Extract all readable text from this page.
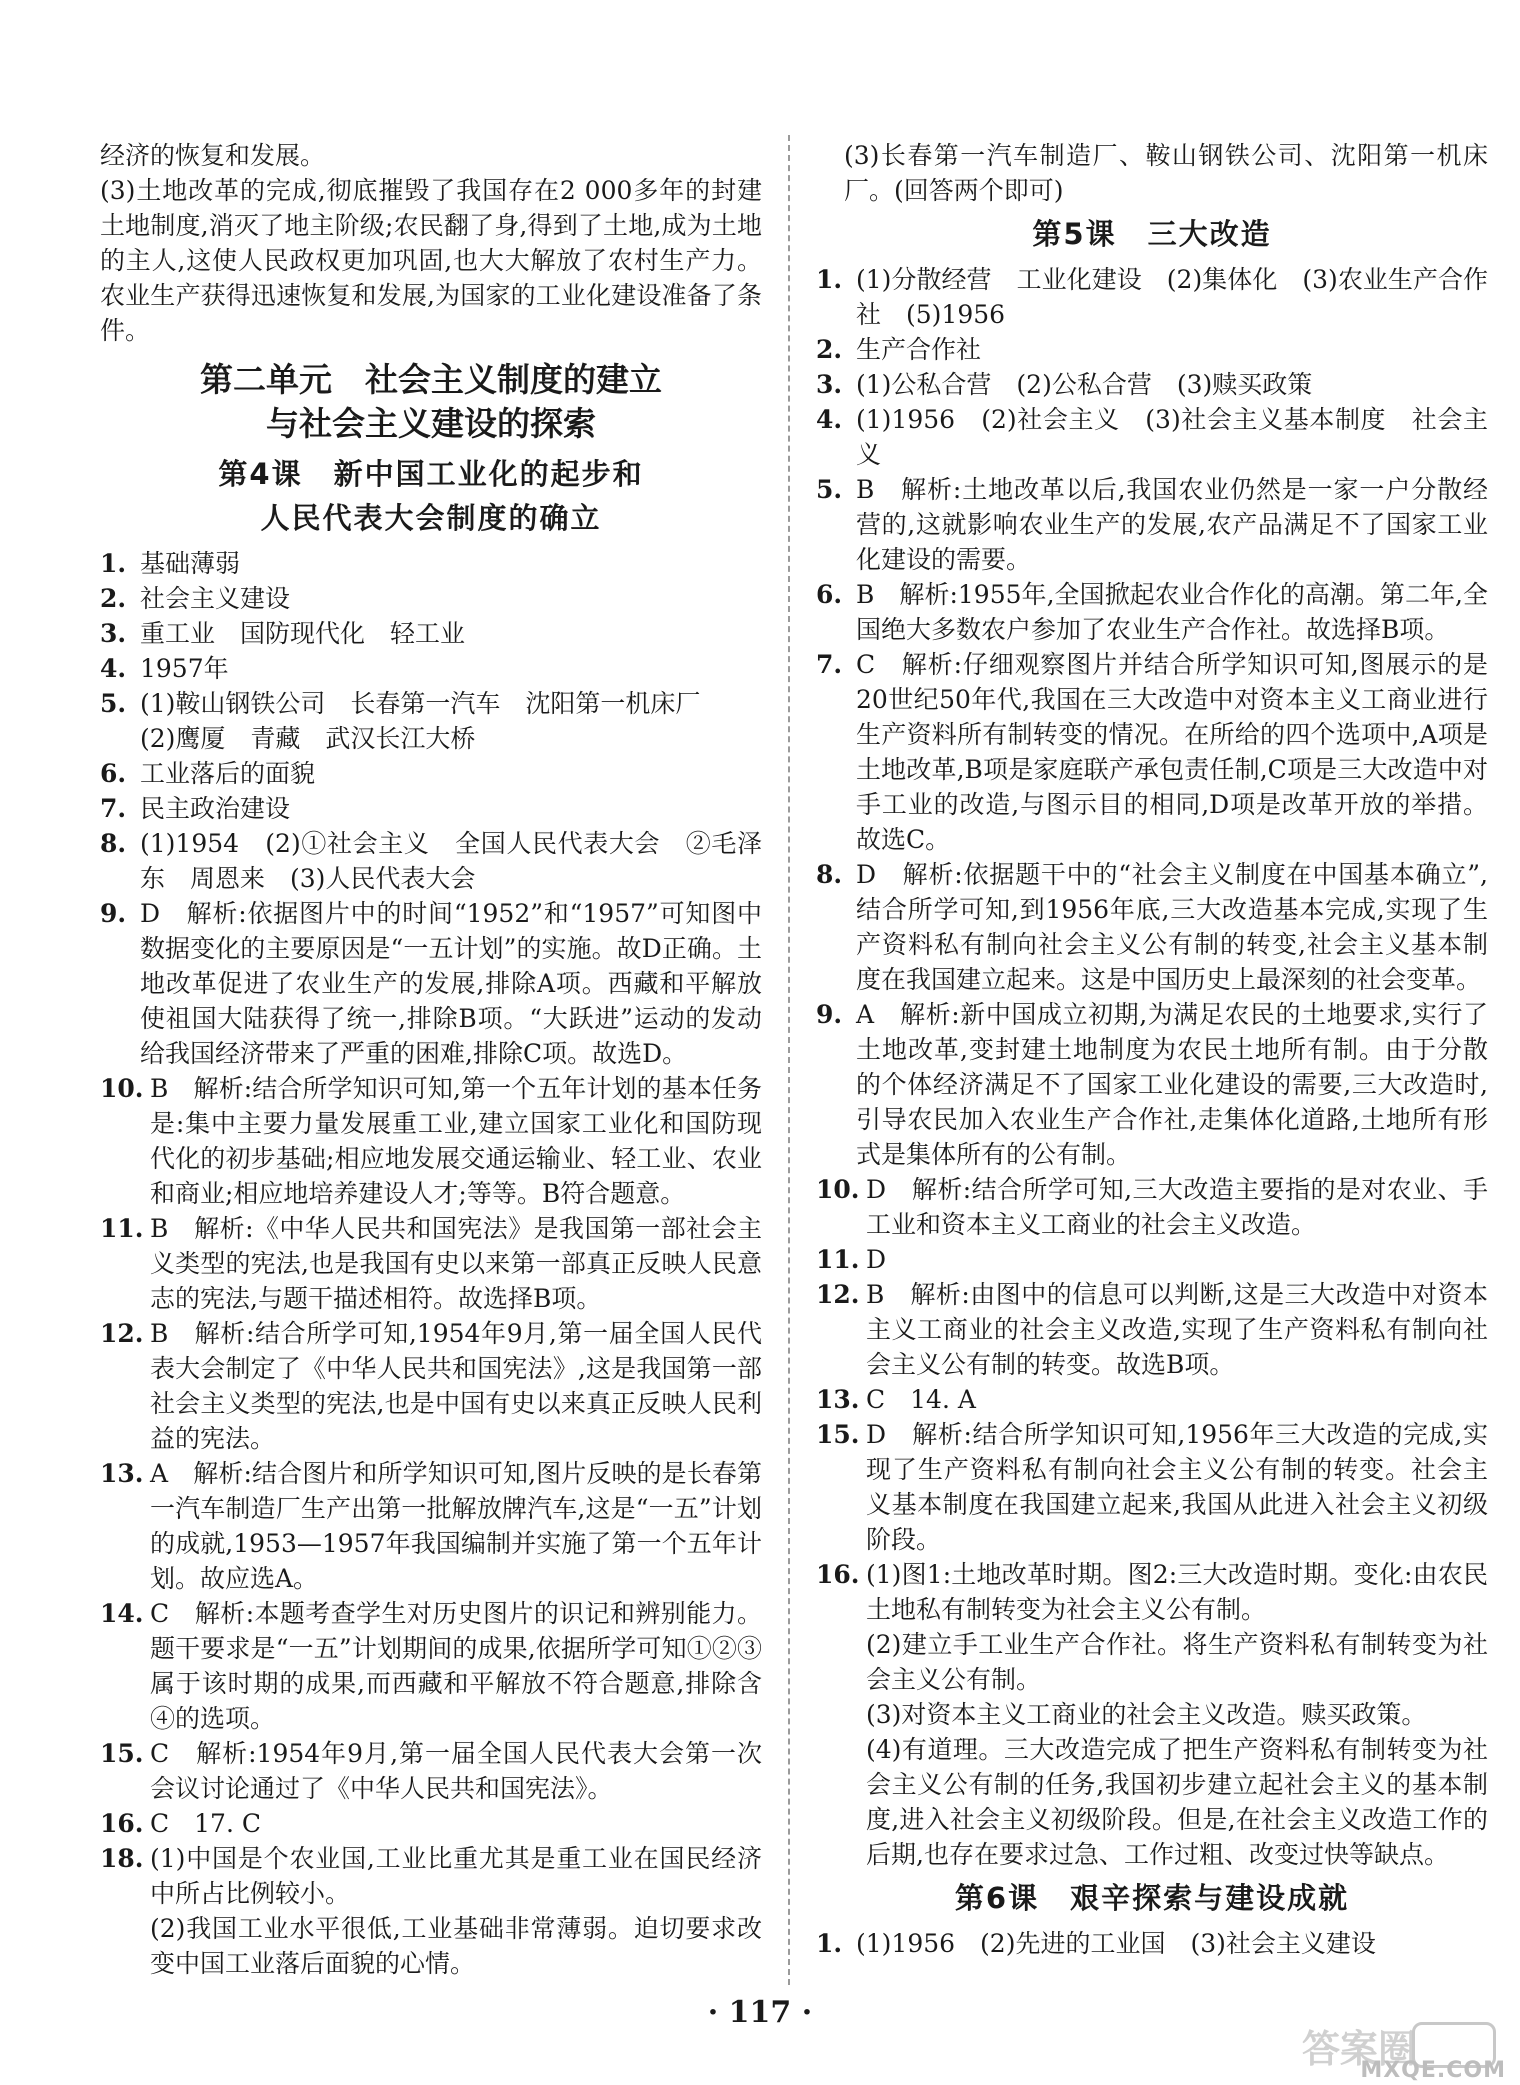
经济的恢复和发展。

(3)土地改革的完成,彻底摧毁了我国存在2 000多年的封建土地制度,消灭了地主阶级;农民翻了身,得到了土地,成为土地的主人,这使人民政权更加巩固,也大大解放了农村生产力。农业生产获得迅速恢复和发展,为国家的工业化建设准备了条件。

第二单元　社会主义制度的建立
与社会主义建设的探索
第4课　新中国工业化的起步和
人民代表大会制度的确立
1. 基础薄弱
2. 社会主义建设
3. 重工业　国防现代化　轻工业
4. 1957年
5. (1)鞍山钢铁公司　长春第一汽车　沈阳第一机床厂
(2)鹰厦　青藏　武汉长江大桥
6. 工业落后的面貌
7. 民主政治建设
8. (1)1954　(2)①社会主义　全国人民代表大会　②毛泽东　周恩来　(3)人民代表大会
9. D　解析:依据图片中的时间“1952”和“1957”可知图中数据变化的主要原因是“一五计划”的实施。故D正确。土地改革促进了农业生产的发展,排除A项。西藏和平解放使祖国大陆获得了统一,排除B项。“大跃进”运动的发动给我国经济带来了严重的困难,排除C项。故选D。
10. B　解析:结合所学知识可知,第一个五年计划的基本任务是:集中主要力量发展重工业,建立国家工业化和国防现代化的初步基础;相应地发展交通运输业、轻工业、农业和商业;相应地培养建设人才;等等。B符合题意。
11. B　解析:《中华人民共和国宪法》是我国第一部社会主义类型的宪法,也是我国有史以来第一部真正反映人民意志的宪法,与题干描述相符。故选择B项。
12. B　解析:结合所学可知,1954年9月,第一届全国人民代表大会制定了《中华人民共和国宪法》,这是我国第一部社会主义类型的宪法,也是中国有史以来真正反映人民利益的宪法。
13. A　解析:结合图片和所学知识可知,图片反映的是长春第一汽车制造厂生产出第一批解放牌汽车,这是“一五”计划的成就,1953—1957年我国编制并实施了第一个五年计划。故应选A。
14. C　解析:本题考查学生对历史图片的识记和辨别能力。题干要求是“一五”计划期间的成果,依据所学可知①②③属于该时期的成果,而西藏和平解放不符合题意,排除含④的选项。
15. C　解析:1954年9月,第一届全国人民代表大会第一次会议讨论通过了《中华人民共和国宪法》。
16. C　17. C
18. (1)中国是个农业国,工业比重尤其是重工业在国民经济中所占比例较小。
(2)我国工业水平很低,工业基础非常薄弱。迫切要求改变中国工业落后面貌的心情。

(3)长春第一汽车制造厂、鞍山钢铁公司、沈阳第一机床厂。(回答两个即可)

第5课　三大改造
1. (1)分散经营　工业化建设　(2)集体化　(3)农业生产合作社　(5)1956
2. 生产合作社
3. (1)公私合营　(2)公私合营　(3)赎买政策
4. (1)1956　(2)社会主义　(3)社会主义基本制度　社会主义
5. B　解析:土地改革以后,我国农业仍然是一家一户分散经营的,这就影响农业生产的发展,农产品满足不了国家工业化建设的需要。
6. B　解析:1955年,全国掀起农业合作化的高潮。第二年,全国绝大多数农户参加了农业生产合作社。故选择B项。
7. C　解析:仔细观察图片并结合所学知识可知,图展示的是20世纪50年代,我国在三大改造中对资本主义工商业进行生产资料所有制转变的情况。在所给的四个选项中,A项是土地改革,B项是家庭联产承包责任制,C项是三大改造中对手工业的改造,与图示目的相同,D项是改革开放的举措。故选C。
8. D　解析:依据题干中的“社会主义制度在中国基本确立”,结合所学可知,到1956年底,三大改造基本完成,实现了生产资料私有制向社会主义公有制的转变,社会主义基本制度在我国建立起来。这是中国历史上最深刻的社会变革。
9. A　解析:新中国成立初期,为满足农民的土地要求,实行了土地改革,变封建土地制度为农民土地所有制。由于分散的个体经济满足不了国家工业化建设的需要,三大改造时,引导农民加入农业生产合作社,走集体化道路,土地所有形式是集体所有的公有制。
10. D　解析:结合所学可知,三大改造主要指的是对农业、手工业和资本主义工商业的社会主义改造。
11. D
12. B　解析:由图中的信息可以判断,这是三大改造中对资本主义工商业的社会主义改造,实现了生产资料私有制向社会主义公有制的转变。故选B项。
13. C　14. A
15. D　解析:结合所学知识可知,1956年三大改造的完成,实现了生产资料私有制向社会主义公有制的转变。社会主义基本制度在我国建立起来,我国从此进入社会主义初级阶段。
16. (1)图1:土地改革时期。图2:三大改造时期。变化:由农民土地私有制转变为社会主义公有制。
(2)建立手工业生产合作社。将生产资料私有制转变为社会主义公有制。
(3)对资本主义工商业的社会主义改造。赎买政策。
(4)有道理。三大改造完成了把生产资料私有制转变为社会主义公有制的任务,我国初步建立起社会主义的基本制度,进入社会主义初级阶段。但是,在社会主义改造工作的后期,也存在要求过急、工作过粗、改变过快等缺点。
第6课　艰辛探索与建设成就
1. (1)1956　(2)先进的工业国　(3)社会主义建设
· 117 ·
答案圈
MXQE.COM
